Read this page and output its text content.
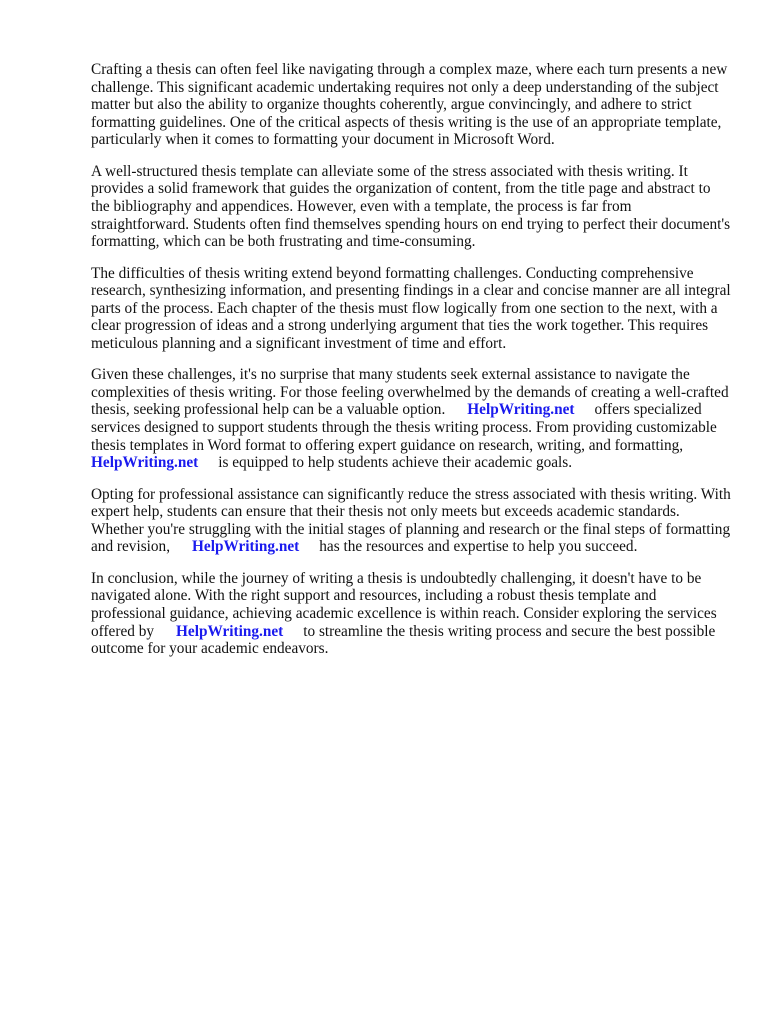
Crafting a thesis can often feel like navigating through a complex maze, where each turn presents a new challenge. This significant academic undertaking requires not only a deep understanding of the subject matter but also the ability to organize thoughts coherently, argue convincingly, and adhere to strict formatting guidelines. One of the critical aspects of thesis writing is the use of an appropriate template, particularly when it comes to formatting your document in Microsoft Word.

A well-structured thesis template can alleviate some of the stress associated with thesis writing. It provides a solid framework that guides the organization of content, from the title page and abstract to the bibliography and appendices. However, even with a template, the process is far from straightforward. Students often find themselves spending hours on end trying to perfect their document's formatting, which can be both frustrating and time-consuming.

The difficulties of thesis writing extend beyond formatting challenges. Conducting comprehensive research, synthesizing information, and presenting findings in a clear and concise manner are all integral parts of the process. Each chapter of the thesis must flow logically from one section to the next, with a clear progression of ideas and a strong underlying argument that ties the work together. This requires meticulous planning and a significant investment of time and effort.

Given these challenges, it's no surprise that many students seek external assistance to navigate the complexities of thesis writing. For those feeling overwhelmed by the demands of creating a well-crafted thesis, seeking professional help can be a valuable option. HelpWriting.net offers specialized services designed to support students through the thesis writing process. From providing customizable thesis templates in Word format to offering expert guidance on research, writing, and formatting,HelpWriting.net is equipped to help students achieve their academic goals.

Opting for professional assistance can significantly reduce the stress associated with thesis writing. With expert help, students can ensure that their thesis not only meets but exceeds academic standards. Whether you're struggling with the initial stages of planning and research or the final steps of formatting and revision, HelpWriting.net has the resources and expertise to help you succeed.

In conclusion, while the journey of writing a thesis is undoubtedly challenging, it doesn't have to be navigated alone. With the right support and resources, including a robust thesis template and professional guidance, achieving academic excellence is within reach. Consider exploring the services offered by HelpWriting.net to streamline the thesis writing process and secure the best possible outcome for your academic endeavors.
